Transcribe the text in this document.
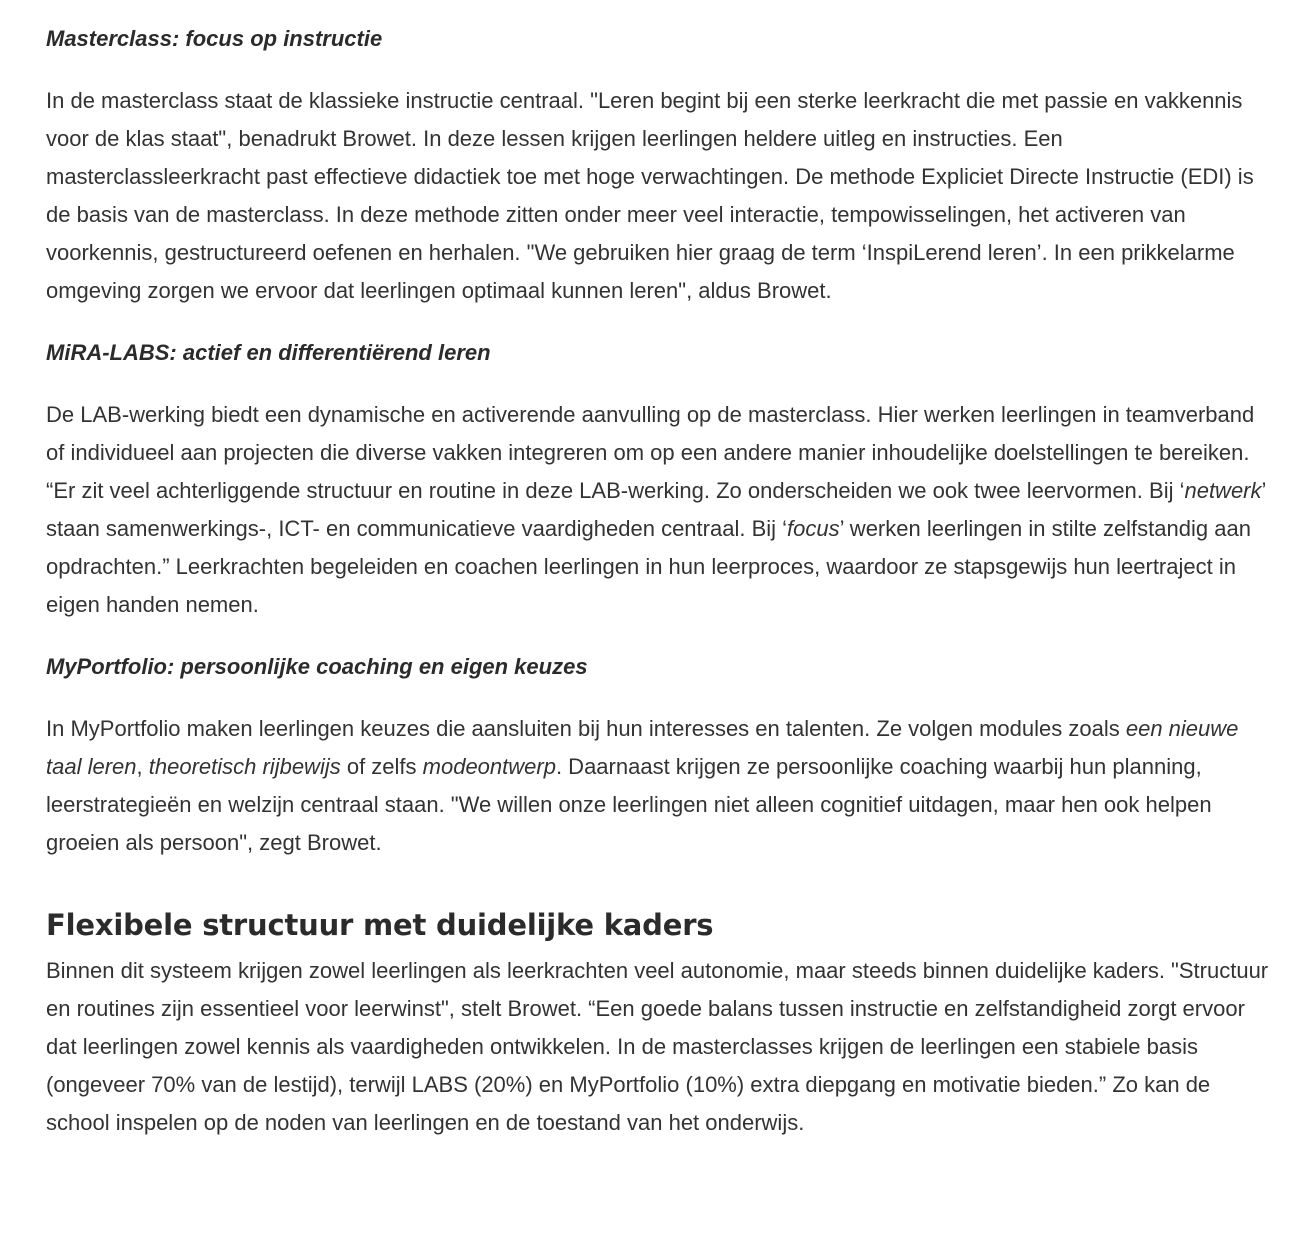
Masterclass: focus op instructie

In de masterclass staat de klassieke instructie centraal. "Leren begint bij een sterke leerkracht die met passie en vakkennis voor de klas staat", benadrukt Browet. In deze lessen krijgen leerlingen heldere uitleg en instructies. Een masterclassleerkracht past effectieve didactiek toe met hoge verwachtingen. De methode Expliciet Directe Instructie (EDI) is de basis van de masterclass. In deze methode zitten onder meer veel interactie, tempowisselingen, het activeren van voorkennis, gestructureerd oefenen en herhalen. "We gebruiken hier graag de term ‘InspiLerend leren’. In een prikkelarme omgeving zorgen we ervoor dat leerlingen optimaal kunnen leren", aldus Browet.

MiRA-LABS: actief en differentiërend leren

De LAB-werking biedt een dynamische en activerende aanvulling op de masterclass. Hier werken leerlingen in teamverband of individueel aan projecten die diverse vakken integreren om op een andere manier inhoudelijke doelstellingen te bereiken. “Er zit veel achterliggende structuur en routine in deze LAB-werking. Zo onderscheiden we ook twee leervormen. Bij ‘netwerk’ staan samenwerkings-, ICT- en communicatieve vaardigheden centraal. Bij ‘focus’ werken leerlingen in stilte zelfstandig aan opdrachten.” Leerkrachten begeleiden en coachen leerlingen in hun leerproces, waardoor ze stapsgewijs hun leertraject in eigen handen nemen.

MyPortfolio: persoonlijke coaching en eigen keuzes

In MyPortfolio maken leerlingen keuzes die aansluiten bij hun interesses en talenten. Ze volgen modules zoals een nieuwe taal leren, theoretisch rijbewijs of zelfs modeontwerp. Daarnaast krijgen ze persoonlijke coaching waarbij hun planning, leerstrategieën en welzijn centraal staan. "We willen onze leerlingen niet alleen cognitief uitdagen, maar hen ook helpen groeien als persoon", zegt Browet.

Flexibele structuur met duidelijke kaders

Binnen dit systeem krijgen zowel leerlingen als leerkrachten veel autonomie, maar steeds binnen duidelijke kaders. "Structuur en routines zijn essentieel voor leerwinst", stelt Browet. “Een goede balans tussen instructie en zelfstandigheid zorgt ervoor dat leerlingen zowel kennis als vaardigheden ontwikkelen. In de masterclasses krijgen de leerlingen een stabiele basis (ongeveer 70% van de lestijd), terwijl LABS (20%) en MyPortfolio (10%) extra diepgang en motivatie bieden.” Zo kan de school inspelen op de noden van leerlingen en de toestand van het onderwijs.
